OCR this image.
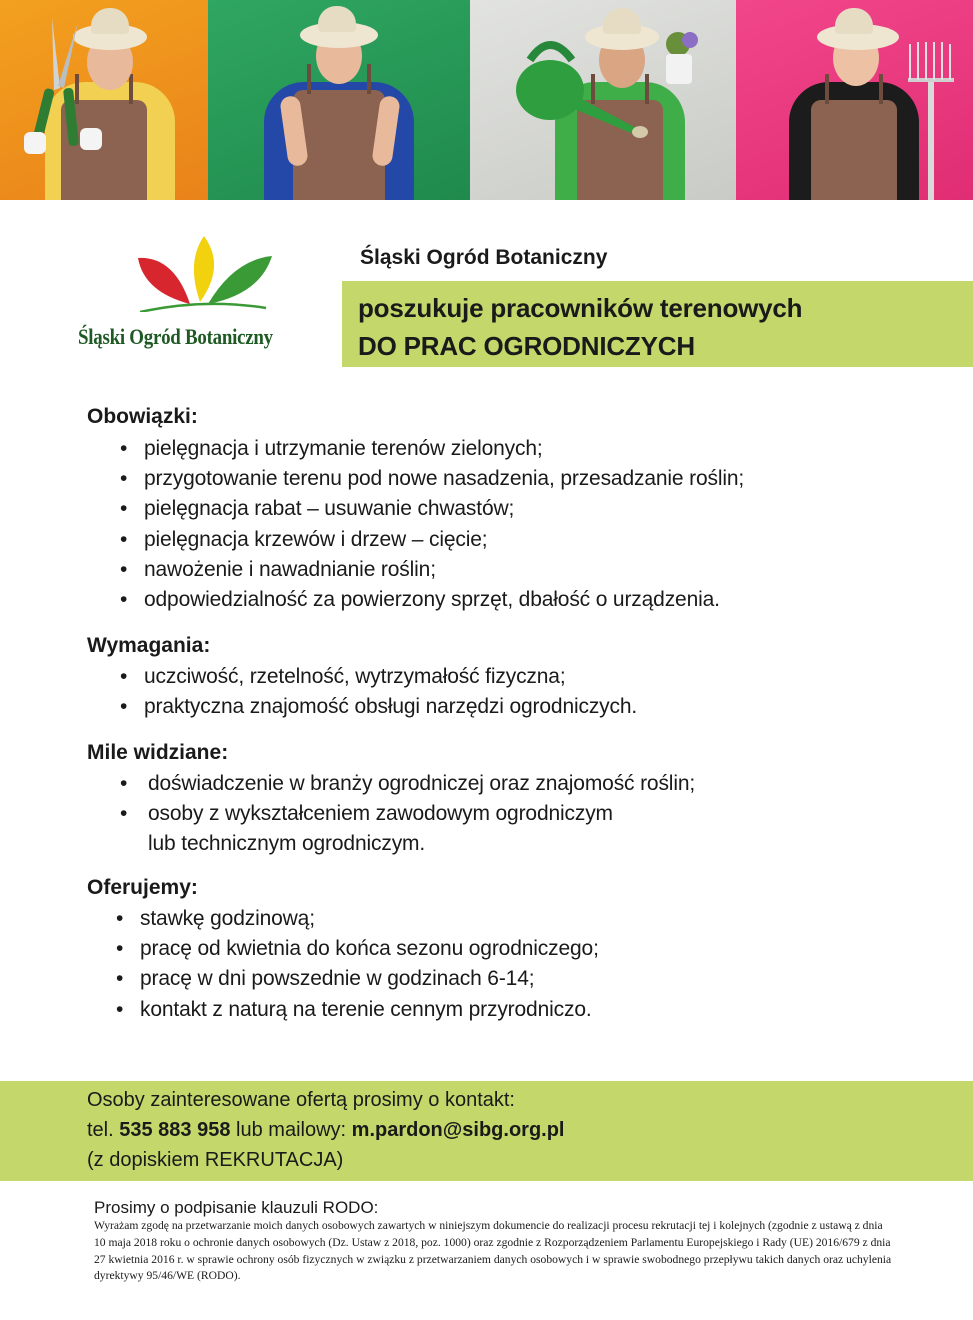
Śląski Ogród Botaniczny
Śląski Ogród Botaniczny
poszukuje pracowników terenowych
DO PRAC OGRODNICZYCH
Obowiązki:
• pielęgnacja i utrzymanie terenów zielonych;
• przygotowanie terenu pod nowe nasadzenia, przesadzanie roślin;
• pielęgnacja rabat – usuwanie chwastów;
• pielęgnacja krzewów i drzew – cięcie;
• nawożenie i nawadnianie roślin;
• odpowiedzialność za powierzony sprzęt, dbałość o urządzenia.
Wymagania:
• uczciwość, rzetelność, wytrzymałość fizyczna;
• praktyczna znajomość obsługi narzędzi ogrodniczych.
Mile widziane:
• doświadczenie w branży ogrodniczej oraz znajomość roślin;
• osoby z wykształceniem zawodowym ogrodniczym
lub technicznym ogrodniczym.
Oferujemy:
• stawkę godzinową;
• pracę od kwietnia do końca sezonu ogrodniczego;
• pracę w dni powszednie w godzinach 6-14;
• kontakt z naturą na terenie cennym przyrodniczo.
Osoby zainteresowane ofertą prosimy o kontakt:
tel. 535 883 958 lub mailowy: m.pardon@sibg.org.pl
(z dopiskiem REKRUTACJA)
Prosimy o podpisanie klauzuli RODO:
Wyrażam zgodę na przetwarzanie moich danych osobowych zawartych w niniejszym dokumencie do realizacji procesu rekrutacji tej i kolejnych (zgodnie z ustawą z dnia 10 maja 2018 roku o ochronie danych osobowych (Dz. Ustaw z 2018, poz. 1000) oraz zgodnie z Rozporządzeniem Parlamentu Europejskiego i Rady (UE) 2016/679 z dnia 27 kwietnia 2016 r. w sprawie ochrony osób fizycznych w związku z przetwarzaniem danych osobowych i w sprawie swobodnego przepływu takich danych oraz uchylenia dyrektywy 95/46/WE (RODO).
